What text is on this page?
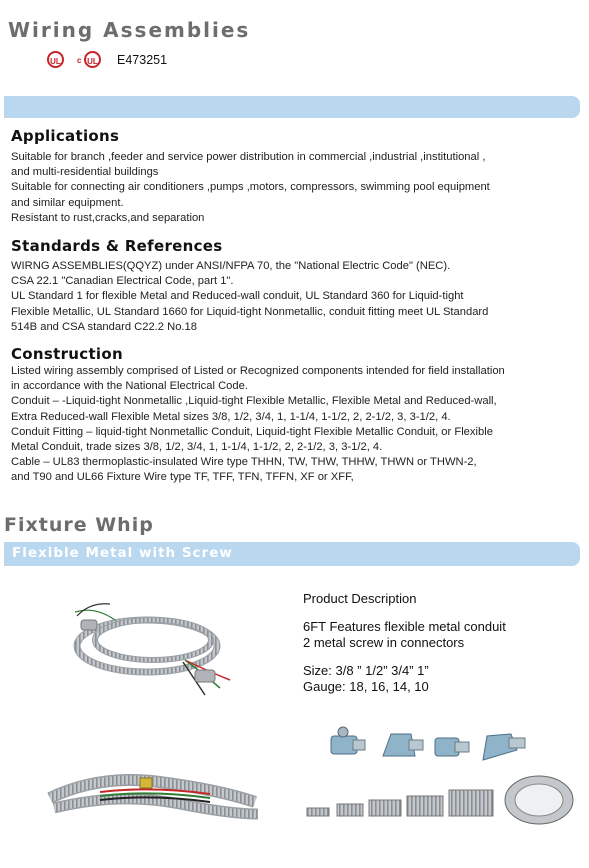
Wiring Assemblies
UL	c UL E473251
Applications
Suitable for branch ,feeder and service power distribution in commercial ,industrial ,institutional ,
and multi-residential buildings
Suitable for connecting air conditioners ,pumps ,motors, compressors, swimming pool equipment
and similar equipment.
Resistant to rust,cracks,and separation
Standards & References
WIRNG ASSEMBLIES(QQYZ) under ANSI/NFPA 70, the "National Electric Code" (NEC).
CSA 22.1 "Canadian Electrical Code, part 1".
UL Standard 1 for flexible Metal and Reduced-wall conduit, UL Standard 360 for Liquid-tight
Flexible Metallic, UL Standard 1660 for Liquid-tight Nonmetallic, conduit fitting meet UL Standard
514B and CSA standard C22.2 No.18
Construction
Listed wiring assembly comprised of Listed or Recognized components intended for field installation
in accordance with the National Electrical Code.
Conduit – -Liquid-tight Nonmetallic ,Liquid-tight Flexible Metallic, Flexible Metal and Reduced-wall,
Extra Reduced-wall Flexible Metal sizes 3/8, 1/2, 3/4, 1, 1-1/4, 1-1/2, 2, 2-1/2, 3, 3-1/2, 4.
Conduit Fitting – liquid-tight Nonmetallic Conduit, Liquid-tight Flexible Metallic Conduit, or Flexible
Metal Conduit, trade sizes 3/8, 1/2, 3/4, 1, 1-1/4, 1-1/2, 2, 2-1/2, 3, 3-1/2, 4.
Cable – UL83 thermoplastic-insulated Wire type THHN, TW, THW, THHW, THWN or THWN-2,
and T90 and UL66 Fixture Wire type TF, TFF, TFN, TFFN, XF or XFF,
Fixture Whip
Flexible Metal with Screw
Product Description
6FT Features flexible metal conduit
2 metal screw in connectors
Size: 3/8 ” 1/2” 3/4” 1”
Gauge: 18, 16, 14, 10
